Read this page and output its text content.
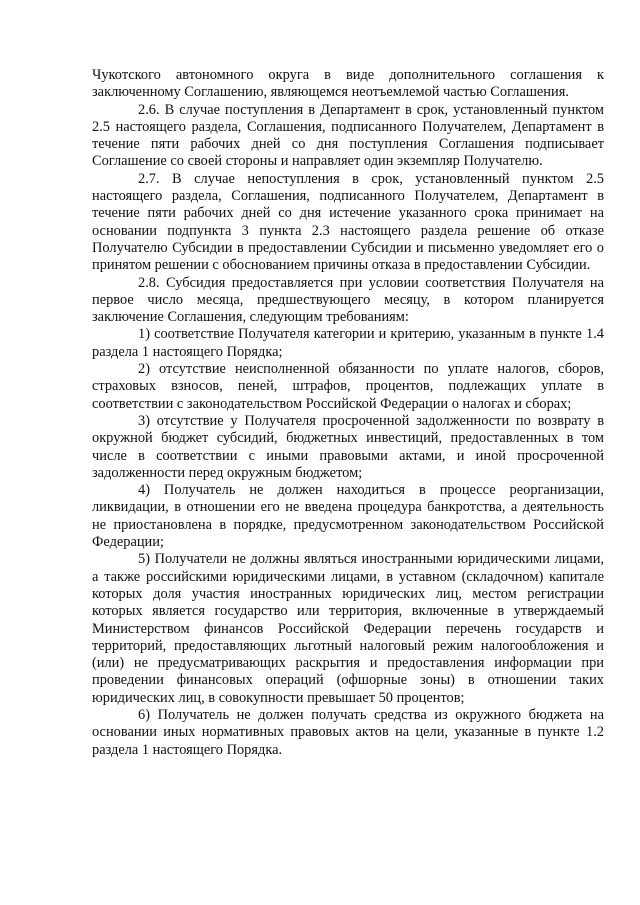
Чукотского автономного округа в виде дополнительного соглашения к заключенному Соглашению, являющемся неотъемлемой частью Соглашения.

2.6. В случае поступления в Департамент в срок, установленный пунктом 2.5 настоящего раздела, Соглашения, подписанного Получателем, Департамент в течение пяти рабочих дней со дня поступления Соглашения подписывает Соглашение со своей стороны и направляет один экземпляр Получателю.

2.7. В случае непоступления в срок, установленный пунктом 2.5 настоящего раздела, Соглашения, подписанного Получателем, Департамент в течение пяти рабочих дней со дня истечение указанного срока принимает на основании подпункта 3 пункта 2.3 настоящего раздела решение об отказе Получателю Субсидии в предоставлении Субсидии и письменно уведомляет его о принятом решении с обоснованием причины отказа в предоставлении Субсидии.

2.8. Субсидия предоставляется при условии соответствия Получателя на первое число месяца, предшествующего месяцу, в котором планируется заключение Соглашения, следующим требованиям:

1) соответствие Получателя категории и критерию, указанным в пункте 1.4 раздела 1 настоящего Порядка;

2) отсутствие неисполненной обязанности по уплате налогов, сборов, страховых взносов, пеней, штрафов, процентов, подлежащих уплате в соответствии с законодательством Российской Федерации о налогах и сборах;

3) отсутствие у Получателя просроченной задолженности по возврату в окружной бюджет субсидий, бюджетных инвестиций, предоставленных в том числе в соответствии с иными правовыми актами, и иной просроченной задолженности перед окружным бюджетом;

4) Получатель не должен находиться в процессе реорганизации, ликвидации, в отношении его не введена процедура банкротства, а деятельность не приостановлена в порядке, предусмотренном законодательством Российской Федерации;

5) Получатели не должны являться иностранными юридическими лицами, а также российскими юридическими лицами, в уставном (складочном) капитале которых доля участия иностранных юридических лиц, местом регистрации которых является государство или территория, включенные в утверждаемый Министерством финансов Российской Федерации перечень государств и территорий, предоставляющих льготный налоговый режим налогообложения и (или) не предусматривающих раскрытия и предоставления информации при проведении финансовых операций (офшорные зоны) в отношении таких юридических лиц, в совокупности превышает 50 процентов;

6) Получатель не должен получать средства из окружного бюджета на основании иных нормативных правовых актов на цели, указанные в пункте 1.2 раздела 1 настоящего Порядка.
